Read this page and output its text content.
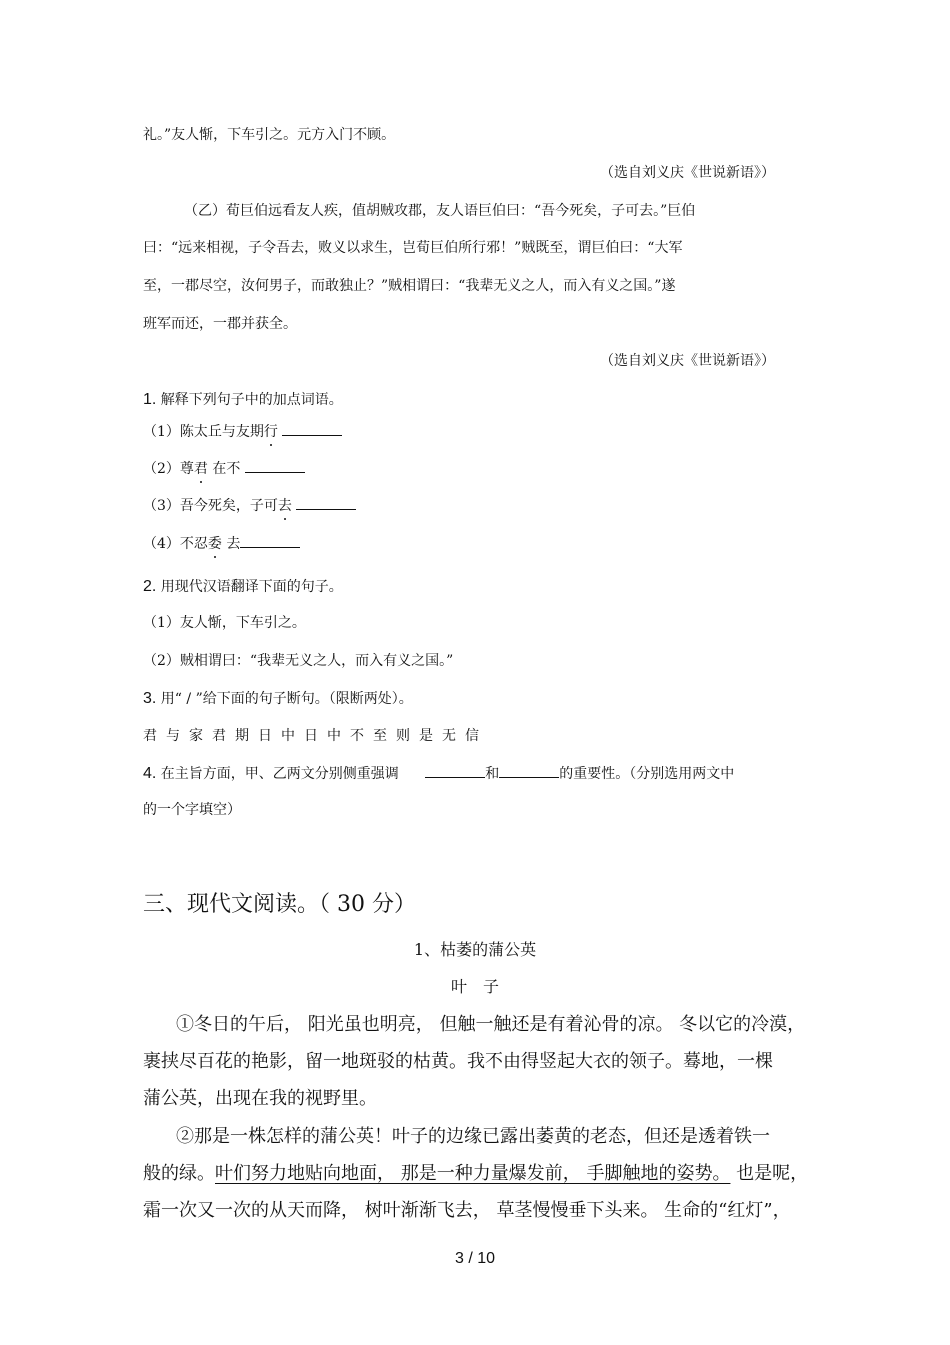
礼。”友人惭，下车引之。元方入门不顾。
（选自刘义庆《世说新语》）
（乙）荀巨伯远看友人疾，值胡贼攻郡，友人语巨伯曰：“吾今死矣，子可去。”巨伯
曰：“远来相视，子令吾去，败义以求生，岂荀巨伯所行邪！”贼既至，谓巨伯曰：“大军
至，一郡尽空，汝何男子，而敢独止？”贼相谓曰：“我辈无义之人，而入有义之国。”遂
班军而还，一郡并获全。
（选自刘义庆《世说新语》）
1. 解释下列句子中的加点词语。
（1）陈太丘与友期行
（2）尊君 在不
（3）吾今死矣，子可去
（4）不忍委 去
2. 用现代汉语翻译下面的句子。
（1）友人惭，下车引之。
（2）贼相谓曰：“我辈无义之人，而入有义之国。”
3. 用“ / ”给下面的句子断句。（限断两处）。
君与家君期日中日中不至则是无信
4. 在主旨方面，甲、乙两文分别侧重强调	和	的重要性。（分别选用两文中
的一个字填空）
三、现代文阅读。（ 30 分）
1、枯萎的蒲公英
叶　子
①冬日的午后， 阳光虽也明亮， 但触一触还是有着沁骨的凉。 冬以它的冷漠，
裹挟尽百花的艳影，留一地斑驳的枯黄。我不由得竖起大衣的领子。蓦地，一棵
蒲公英，出现在我的视野里。
②那是一株怎样的蒲公英！叶子的边缘已露出萎黄的老态，但还是透着铁一
般的绿。叶们努力地贴向地面， 那是一种力量爆发前， 手脚触地的姿势。 也是呢，
霜一次又一次的从天而降， 树叶渐渐飞去， 草茎慢慢垂下头来。 生命的“红灯”，
3 / 10
